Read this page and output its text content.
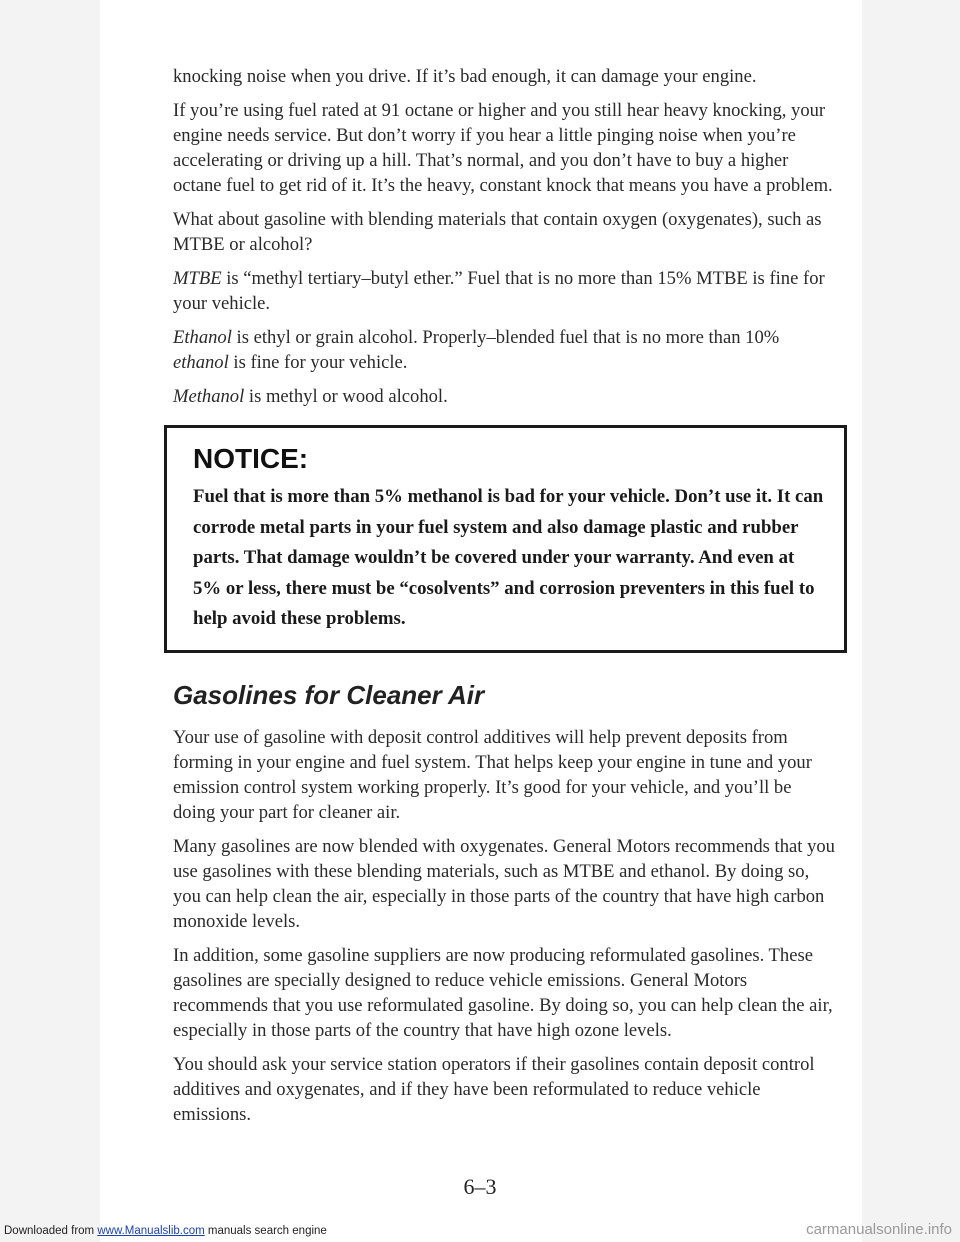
knocking noise when you drive. If it’s bad enough, it can damage your engine.

If you’re using fuel rated at 91 octane or higher and you still hear heavy knocking, your engine needs service. But don’t worry if you hear a little pinging noise when you’re accelerating or driving up a hill. That’s normal, and you don’t have to buy a higher octane fuel to get rid of it. It’s the heavy, constant knock that means you have a problem.

What about gasoline with blending materials that contain oxygen (oxygenates), such as MTBE or alcohol?

MTBE is “methyl tertiary–butyl ether.” Fuel that is no more than 15% MTBE is fine for your vehicle.

Ethanol is ethyl or grain alcohol. Properly–blended fuel that is no more than 10% ethanol is fine for your vehicle.

Methanol is methyl or wood alcohol.

NOTICE:

Fuel that is more than 5% methanol is bad for your vehicle. Don’t use it. It can corrode metal parts in your fuel system and also damage plastic and rubber parts. That damage wouldn’t be covered under your warranty. And even at 5% or less, there must be “cosolvents” and corrosion preventers in this fuel to help avoid these problems.

Gasolines for Cleaner Air

Your use of gasoline with deposit control additives will help prevent deposits from forming in your engine and fuel system. That helps keep your engine in tune and your emission control system working properly. It’s good for your vehicle, and you’ll be doing your part for cleaner air.

Many gasolines are now blended with oxygenates. General Motors recommends that you use gasolines with these blending materials, such as MTBE and ethanol. By doing so, you can help clean the air, especially in those parts of the country that have high carbon monoxide levels.

In addition, some gasoline suppliers are now producing reformulated gasolines. These gasolines are specially designed to reduce vehicle emissions. General Motors recommends that you use reformulated gasoline. By doing so, you can help clean the air, especially in those parts of the country that have high ozone levels.

You should ask your service station operators if their gasolines contain deposit control additives and oxygenates, and if they have been reformulated to reduce vehicle emissions.

6–3
Downloaded from www.Manualslib.com manuals search engine	carmanualsonline.info
